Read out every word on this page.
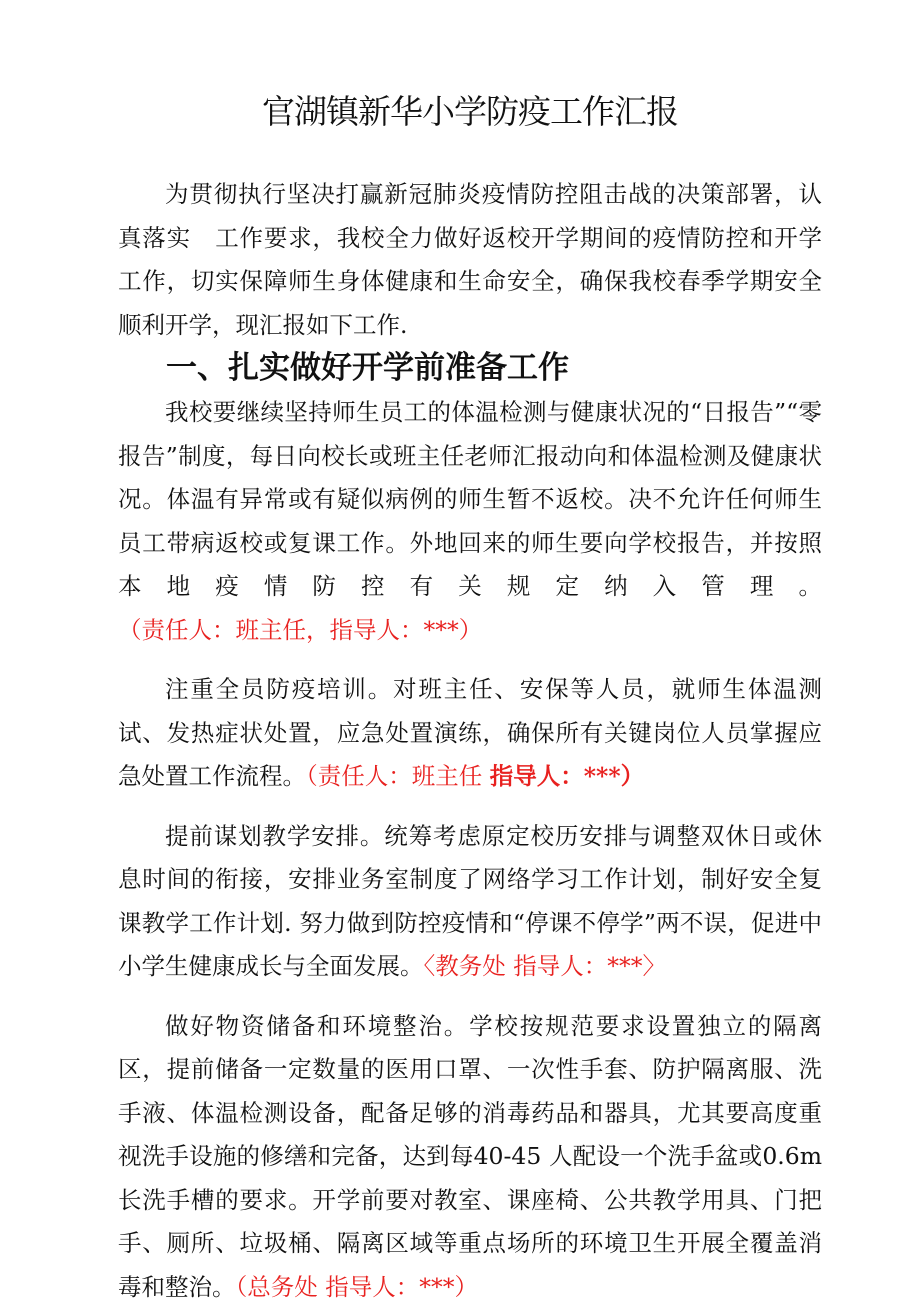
官湖镇新华小学防疫工作汇报

为贯彻执行坚决打赢新冠肺炎疫情防控阻击战的决策部署，认真落实　工作要求，我校全力做好返校开学期间的疫情防控和开学工作，切实保障师生身体健康和生命安全，确保我校春季学期安全顺利开学，现汇报如下工作.

一、扎实做好开学前准备工作

我校要继续坚持师生员工的体温检测与健康状况的“日报告”“零报告”制度，每日向校长或班主任老师汇报动向和体温检测及健康状况。体温有异常或有疑似病例的师生暂不返校。决不允许任何师生员工带病返校或复课工作。外地回来的师生要向学校报告，并按照本地疫情防控有关规定纳入管理。（责任人：班主任，指导人：***）

注重全员防疫培训。对班主任、安保等人员，就师生体温测试、发热症状处置，应急处置演练，确保所有关键岗位人员掌握应急处置工作流程。（责任人：班主任 指导人：***）

提前谋划教学安排。统筹考虑原定校历安排与调整双休日或休息时间的衔接，安排业务室制度了网络学习工作计划，制好安全复课教学工作计划. 努力做到防控疫情和“停课不停学”两不误，促进中小学生健康成长与全面发展。〈教务处 指导人：***〉

做好物资储备和环境整治。学校按规范要求设置独立的隔离区，提前储备一定数量的医用口罩、一次性手套、防护隔离服、洗手液、体温检测设备，配备足够的消毒药品和器具，尤其要高度重视洗手设施的修缮和完备，达到每40-45 人配设一个洗手盆或0.6m 长洗手槽的要求。开学前要对教室、课座椅、公共教学用具、门把手、厕所、垃圾桶、隔离区域等重点场所的环境卫生开展全覆盖消毒和整治。（总务处 指导人：***）
